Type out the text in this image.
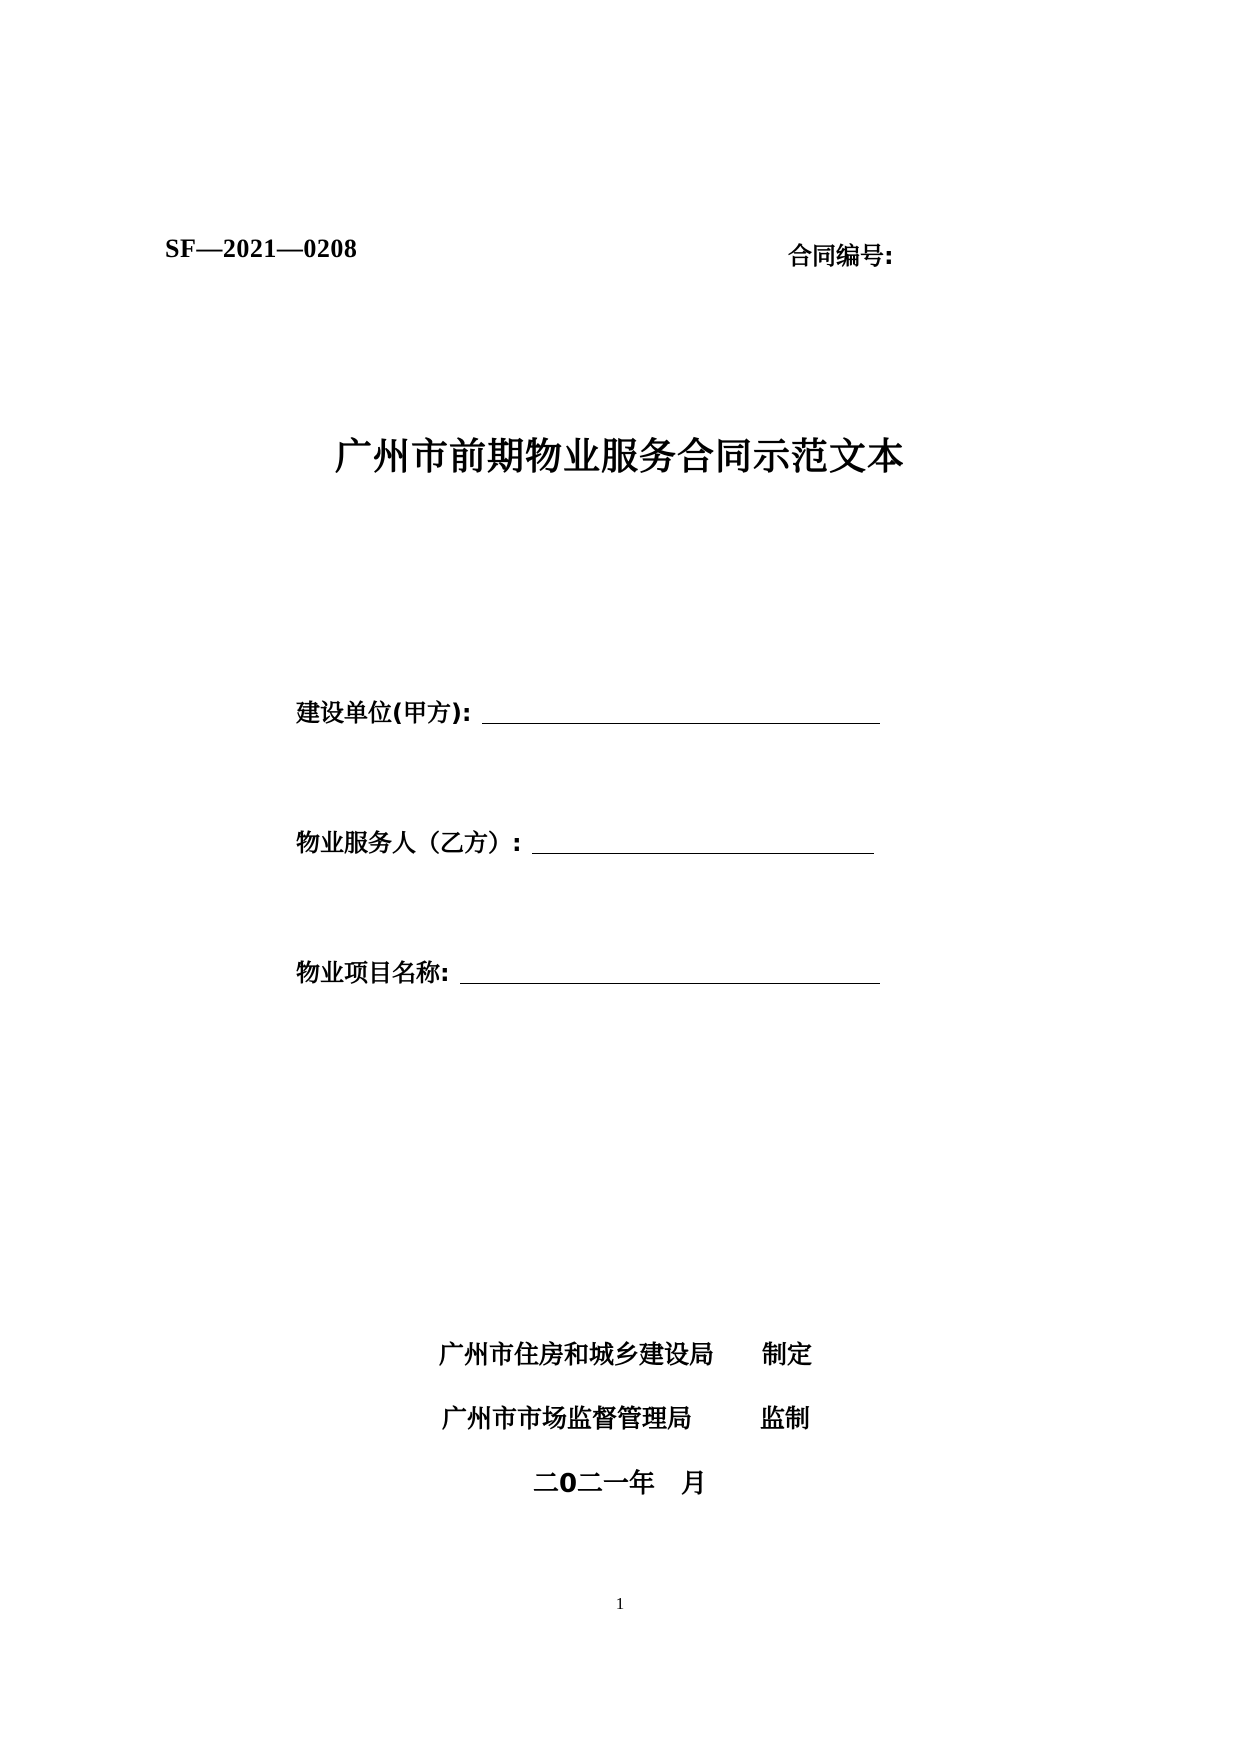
SF—2021—0208	合同编号:
广州市前期物业服务合同示范文本
建设单位(甲方):
物业服务人（乙方）:
物业项目名称:
广州市住房和城乡建设局 制定
广州市市场监督管理局	监制
二0二一年　月
1
